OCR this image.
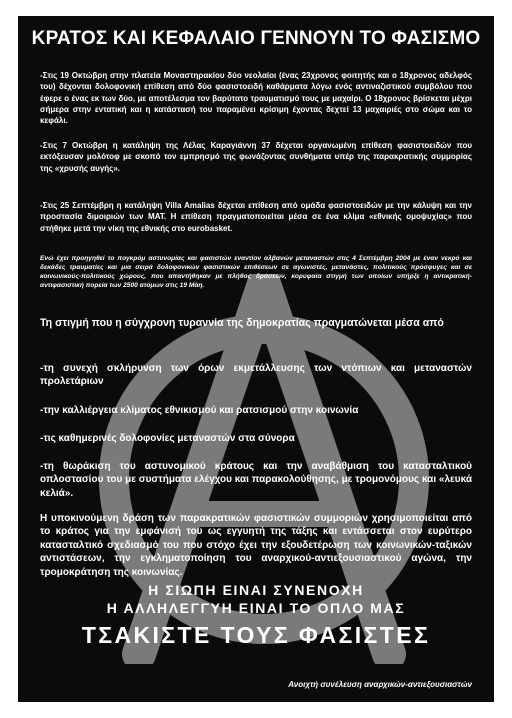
ΚΡΑΤΟΣ ΚΑΙ ΚΕΦΑΛΑΙΟ ΓΕΝΝΟΥΝ ΤΟ ΦΑΣΙΣΜΟ
-Στις 19 Οκτώβρη στην πλατεία Μοναστηρακίου δύο νεολαίοι (ένας 23χρονος φοιτητής και ο 18χρονος αδελφός του) δέχονται δολοφονική επίθεση από δύο φασιστοειδή καθάρματα λόγω ενός αντιναζιστικού συμβόλου που έφερε ο ένας εκ των δύο, με αποτέλεσμα τον βαρύτατο τραυματισμό τους με μαχαίρι. Ο 18χρονος βρίσκεται μέχρι σήμερα στην εντατική και η κατάστασή του παραμένει κρίσιμη έχοντας δεχτεί 13 μαχαιριές στο σώμα και το κεφάλι.
-Στις 7 Οκτώβρη η κατάληψη της Λέλας Καραγιάννη 37 δέχεται οργανωμένη επίθεση φασιστοειδών που εκτόξευσαν μολότοφ με σκοπό τον εμπρησμό της φωνάζοντας συνθήματα υπέρ της παρακρατικής συμμορίας της «χρυσής αυγής».
-Στις 25 Σεπτέμβρη η κατάληψη Villa Amalias δέχεται επίθεση από ομάδα φασιστοειδών με την κάλυψη και την προστασία διμοιριών των ΜΑΤ. Η επίθεση πραγματοποιείται μέσα σε ένα κλίμα «εθνικής ομοψυχίας» που στήθηκε μετά την νίκη της εθνικής στο eurobasket.
Ενώ έχει προηγηθεί το πογκρόμ αστυνομίας και φασιστών εναντίον αλβανών μεταναστών στις 4 Σεπτέμβρη 2004 με έναν νεκρό και δεκάδες τραυματίες και μια σειρά δολοφονικών φασιστικών επιθέσεων σε αγωνιστές, μετανάστες, πολιτικούς πρόσφυγες και σε κοινωνικούς-πολιτικούς χώρους, που απαντήθηκαν με πλήθος δράσεων, κορυφαία στιγμή των οποίων υπήρξε η αντικρατική-αντιφασιστική πορεία των 2500 ατόμων στις 19 Μάη.
Τη στιγμή που η σύγχρονη τυραννία της δημοκρατίας πραγματώνεται μέσα από
-τη συνεχή σκλήρυνση των όρων εκμετάλλευσης των ντόπιων και μεταναστών προλετάριων
-την καλλιέργεια κλίματος εθνικισμού και ρατσισμού στην κοινωνία
-τις καθημερινές δολοφονίες μεταναστών στα σύνορα
-τη θωράκιση του αστυνομικού κράτους και την αναβάθμιση του κατασταλτικού οπλοστασίου του με συστήματα ελέγχου και παρακολούθησης, με τρομονόμους και «λευκά κελιά».
Η υποκινούμενη δράση των παρακρατικών φασιστικών συμμοριών χρησιμοποιείται από το κράτος για την εμφάνισή του ως εγγυητή της τάξης και εντάσσεται στον ευρύτερο κατασταλτικό σχεδιασμό του που στόχο έχει την εξουδετέρωση των κοινωνικών-ταξικών αντιστάσεων, την εγκληματοποίηση του αναρχικού-αντιεξουσιαστικού αγώνα, την τρομοκράτηση της κοινωνίας.
Η ΣΙΩΠΗ ΕΙΝΑΙ ΣΥΝΕΝΟΧΗ
Η ΑΛΛΗΛΕΓΓΥΗ ΕΙΝΑΙ ΤΟ ΟΠΛΟ ΜΑΣ
ΤΣΑΚΙΣΤΕ ΤΟΥΣ ΦΑΣΙΣΤΕΣ
Ανοιχτή συνέλευση αναρχικών-αντιεξουσιαστών
